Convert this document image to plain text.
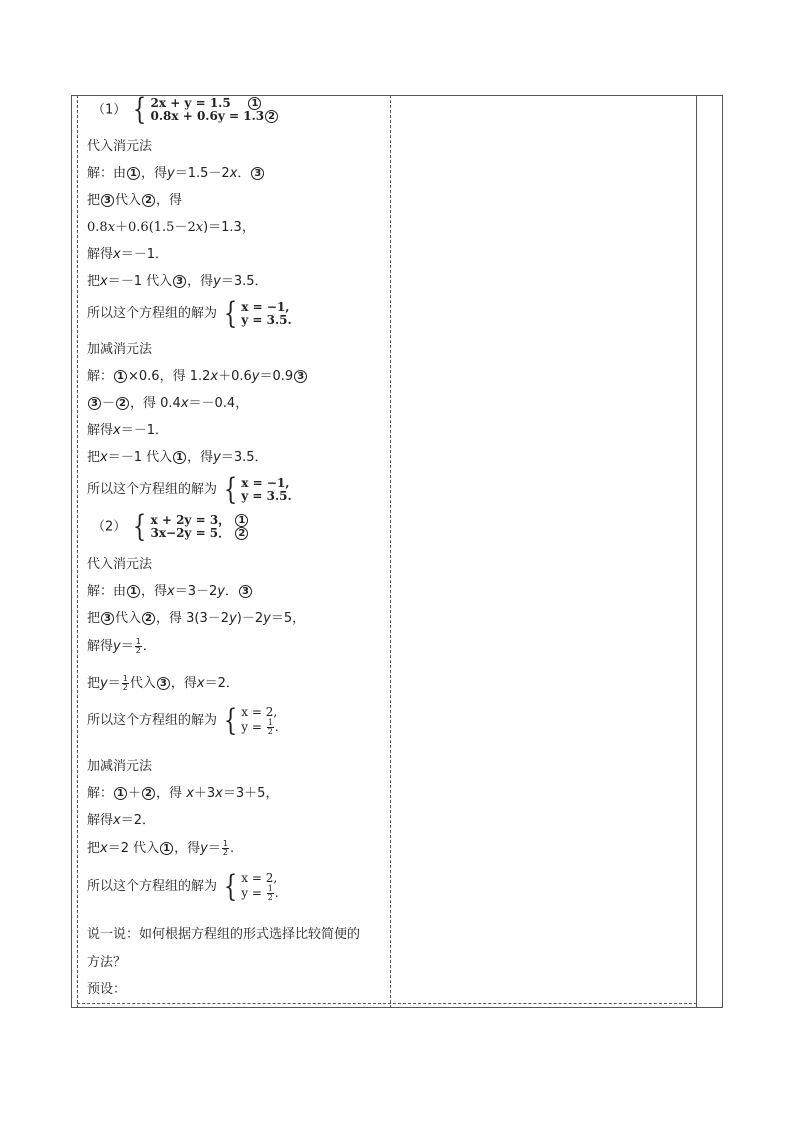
（1） { 2x + y = 1.5 1
0.8x + 0.6y = 1.3 2
代入消元法
解：由 1 ，得y＝1.5－2x． 3
把 3 代入 2 ，得
0.8x＋0.6(1.5－2x)＝1.3，
解得x＝－1．
把x＝－1 代入 3 ，得y＝3.5．
所以这个方程组的解为 { x = −1,
y = 3.5.
加减消元法
解： 1 ×0.6，得 1.2x＋0.6y＝0.9 3
3 － 2 ，得 0.4x＝－0.4，
解得x＝－1．
把x＝－1 代入 1 ，得y＝3.5．
所以这个方程组的解为 { x = −1,
y = 3.5.
（2） { x + 2y = 3， 1
3x−2y = 5． 2
代入消元法
解：由 1 ，得x＝3－2y． 3
把 3 代入 2 ，得 3(3－2y)－2y＝5，
解得$y= \frac{1}{2}$ ．
把$y= \frac{1}{2}$ 代入 3 ，得x＝2．
所以这个方程组的解为 { x = 2,
$y = \frac{1}{2}$ .
加减消元法
解： 1 ＋ 2 ，得 x＋3x＝3＋5，
解得x＝2．
把x＝2 代入 1 ，得$y= \frac{1}{2}$ .
所以这个方程组的解为 { x = 2,
$y = \frac{1}{2}$ .
说一说：如何根据方程组的形式选择比较简便的
方法？
预设：
